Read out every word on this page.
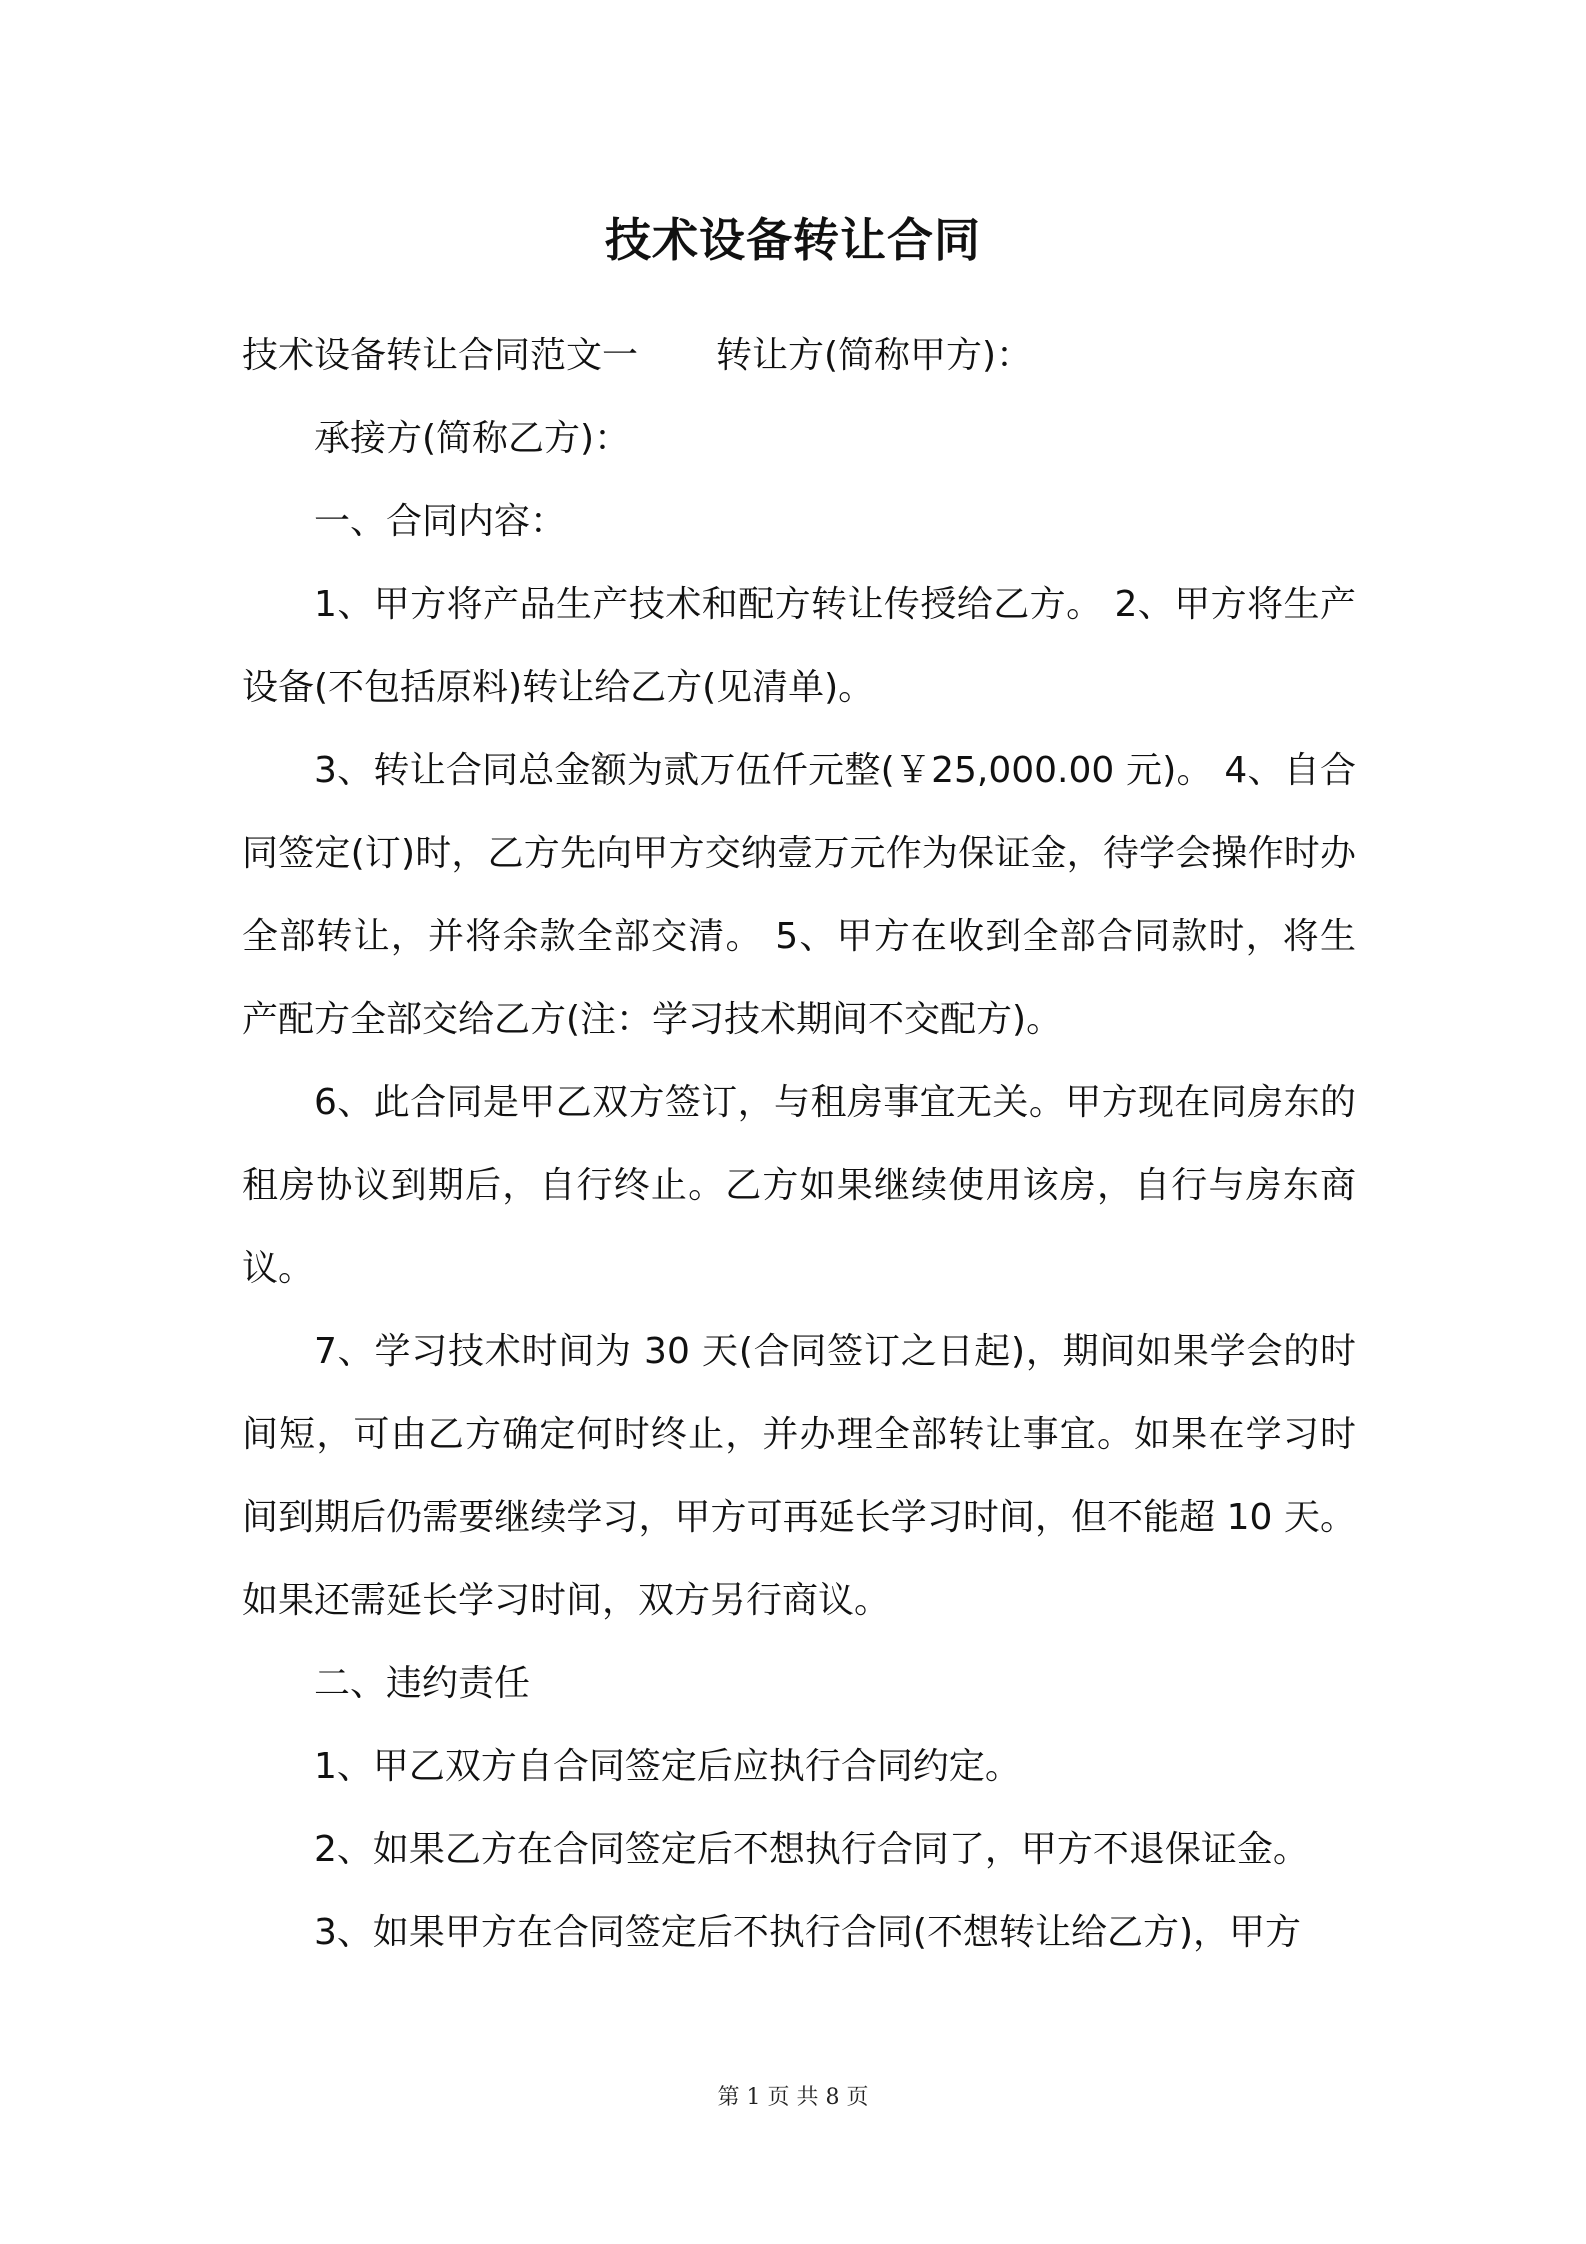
技术设备转让合同

技术设备转让合同范文一 转让方(简称甲方)：

承接方(简称乙方)：

一、合同内容：

1、甲方将产品生产技术和配方转让传授给乙方。 2、甲方将生产设备(不包括原料)转让给乙方(见清单)。

3、转让合同总金额为贰万伍仟元整(￥25,000.00 元)。 4、自合同签定(订)时，乙方先向甲方交纳壹万元作为保证金，待学会操作时办全部转让，并将余款全部交清。 5、甲方在收到全部合同款时，将生产配方全部交给乙方(注：学习技术期间不交配方)。

6、此合同是甲乙双方签订，与租房事宜无关。甲方现在同房东的租房协议到期后，自行终止。乙方如果继续使用该房，自行与房东商议。

7、学习技术时间为 30 天(合同签订之日起)，期间如果学会的时间短，可由乙方确定何时终止，并办理全部转让事宜。如果在学习时间到期后仍需要继续学习，甲方可再延长学习时间，但不能超 10 天。如果还需延长学习时间，双方另行商议。

二、违约责任

1、甲乙双方自合同签定后应执行合同约定。

2、如果乙方在合同签定后不想执行合同了，甲方不退保证金。

3、如果甲方在合同签定后不执行合同(不想转让给乙方)，甲方

第 1 页 共 8 页
